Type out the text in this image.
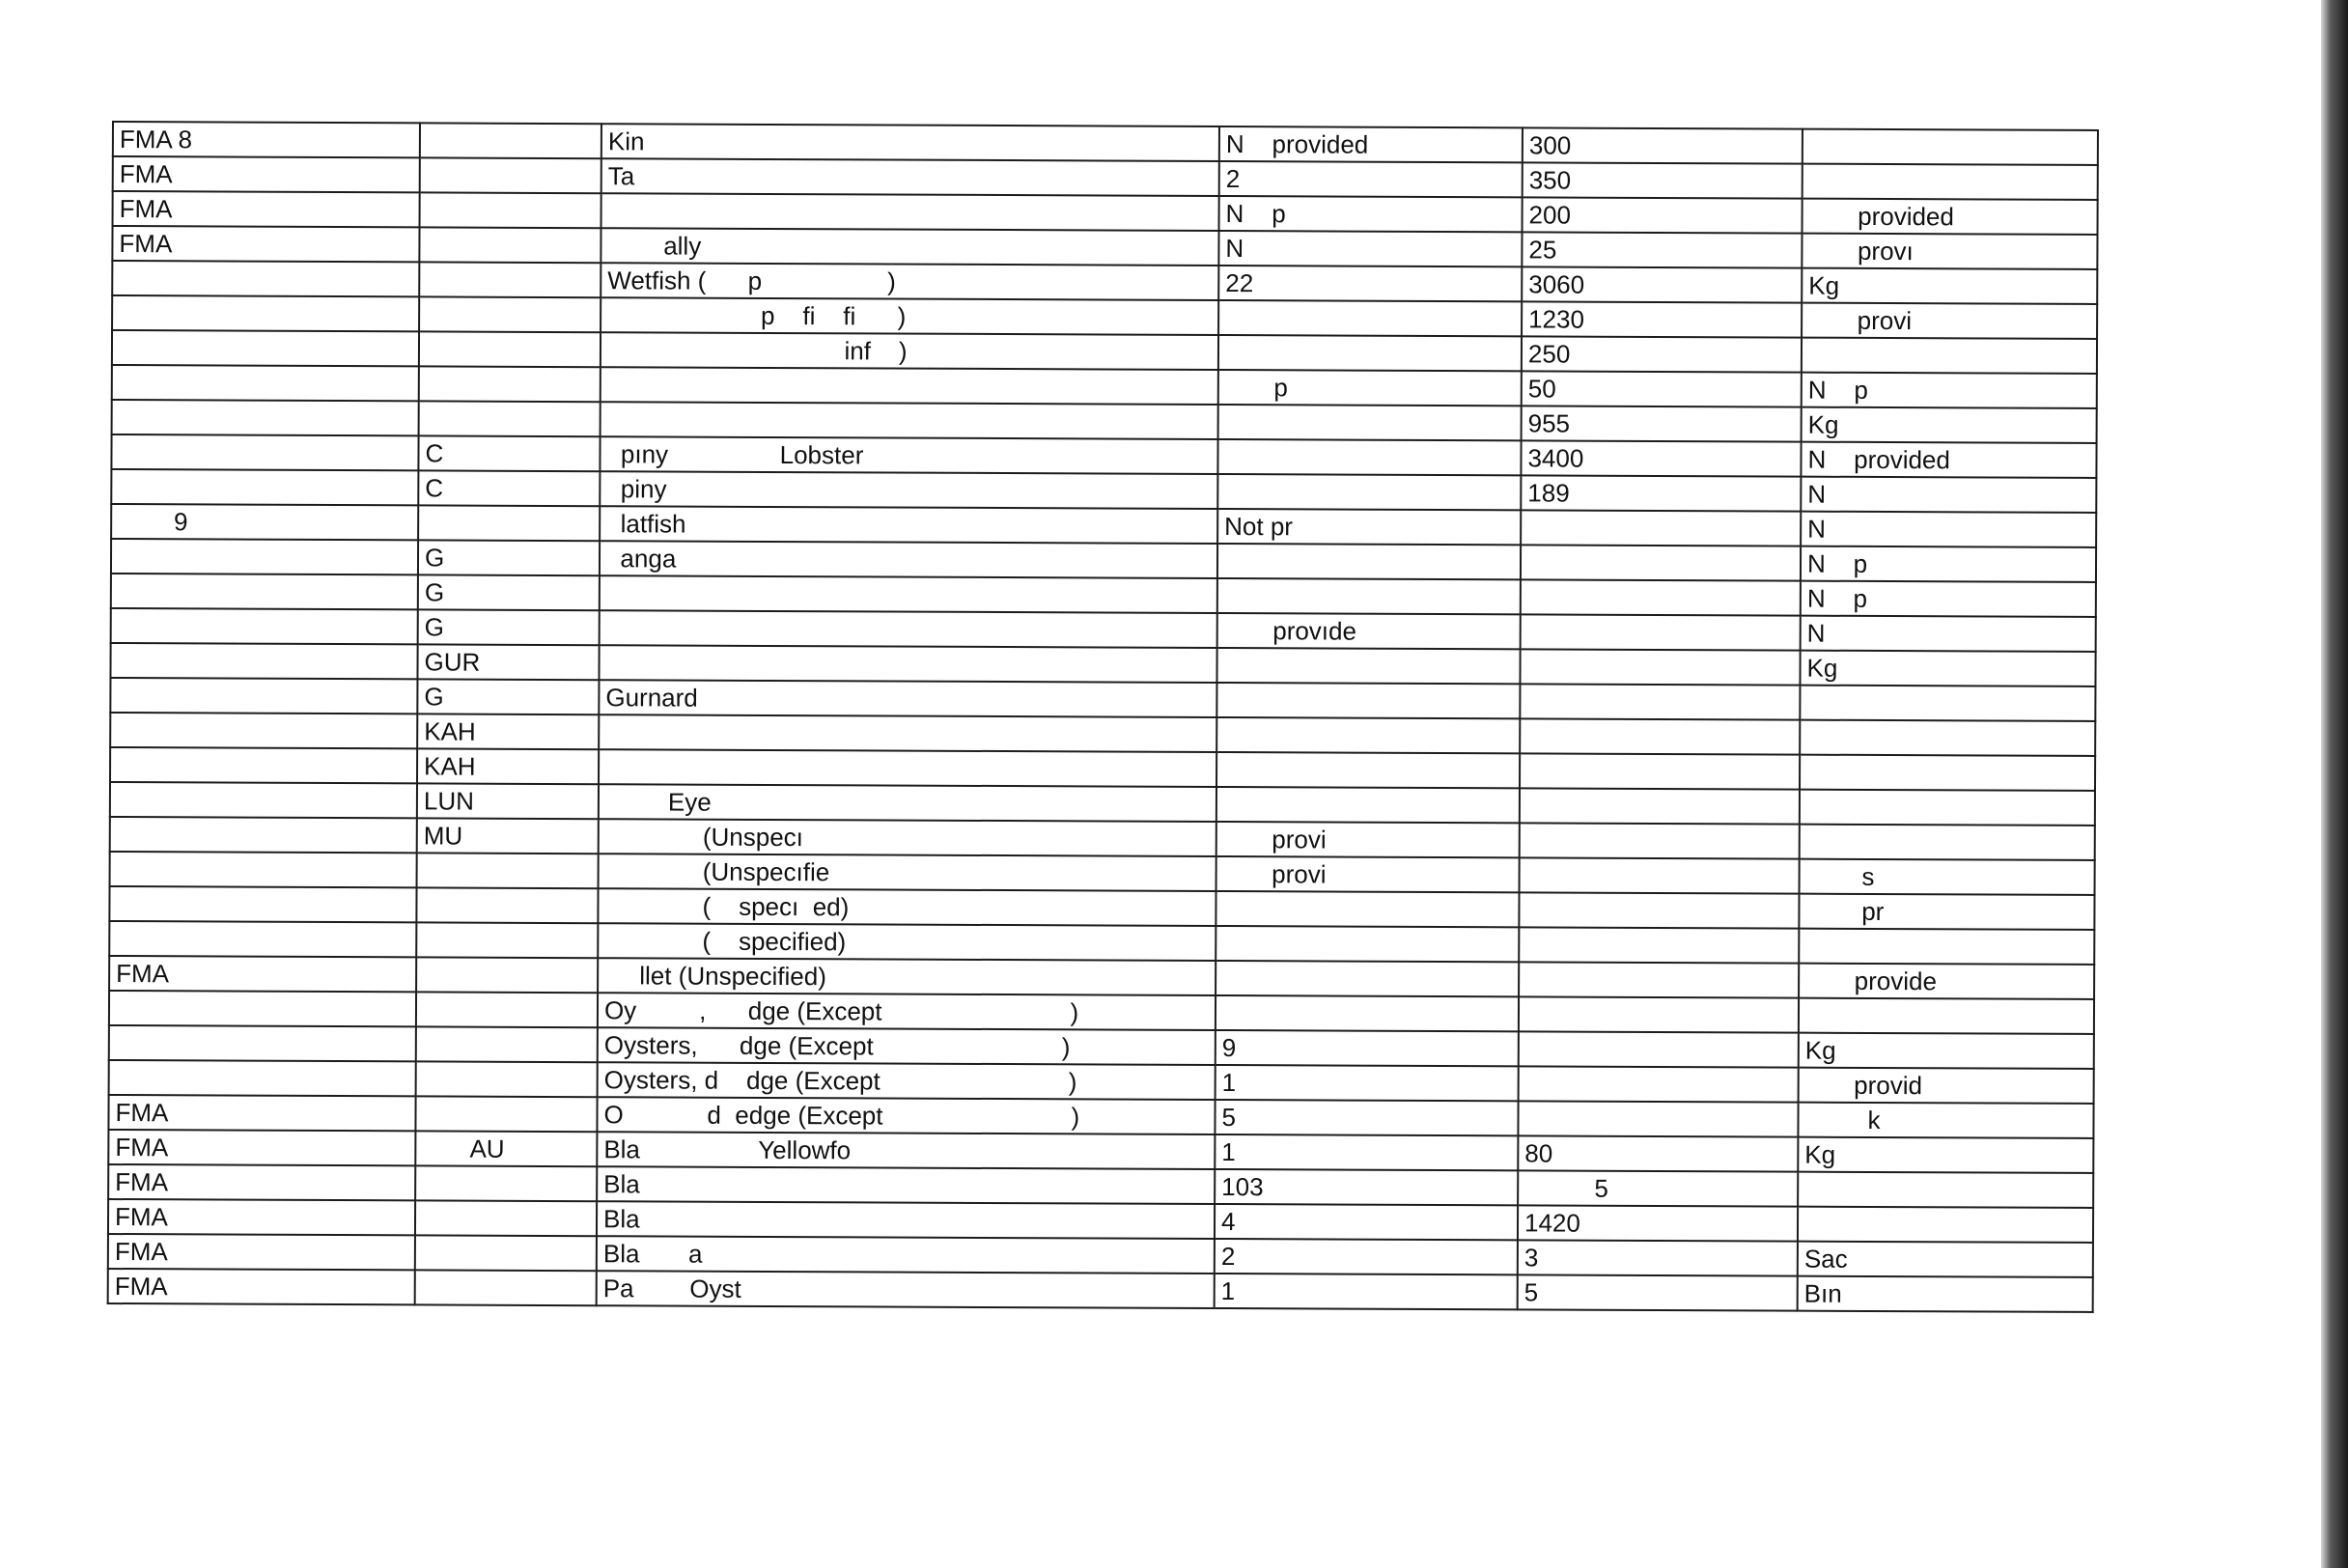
FMA 8		Kin	N    provided	300	
FMA		Ta	2	350	
FMA			N    p	200	provided
FMA		ally	N	25	provı
		Wetfish (      p                  )	22	3060	Kg
		p    fi    fi      )		1230	provi
		inf    )		250	
			p	50	N    p
				955	Kg
	C	pıny                Lobster		3400	N    provided
	C	piny		189	N
9		latfish	Not pr		N
	G	anga			N    p
	G				N    p
	G		provıde		N
	GUR				Kg
	G	Gurnard			
	KAH				
	KAH				
	LUN	Eye			
	MU	(Unspecı	provi		
		(Unspecıfie	provi		s
		(    specı  ed)			pr
		(    specified)			
FMA		llet (Unspecified)			provide
		Oy         ,      dge (Except                           )			
		Oysters,      dge (Except                           )	9		Kg
		Oysters, d    dge (Except                           )	1		provid
FMA		O            d  edge (Except                           )	5		k
FMA	AU	Bla                 Yellowfo	1	80	Kg
FMA		Bla	103	5	
FMA		Bla	4	1420	
FMA		Bla       a	2	3	Sac
FMA		Pa        Oyst	1	5	Bın
